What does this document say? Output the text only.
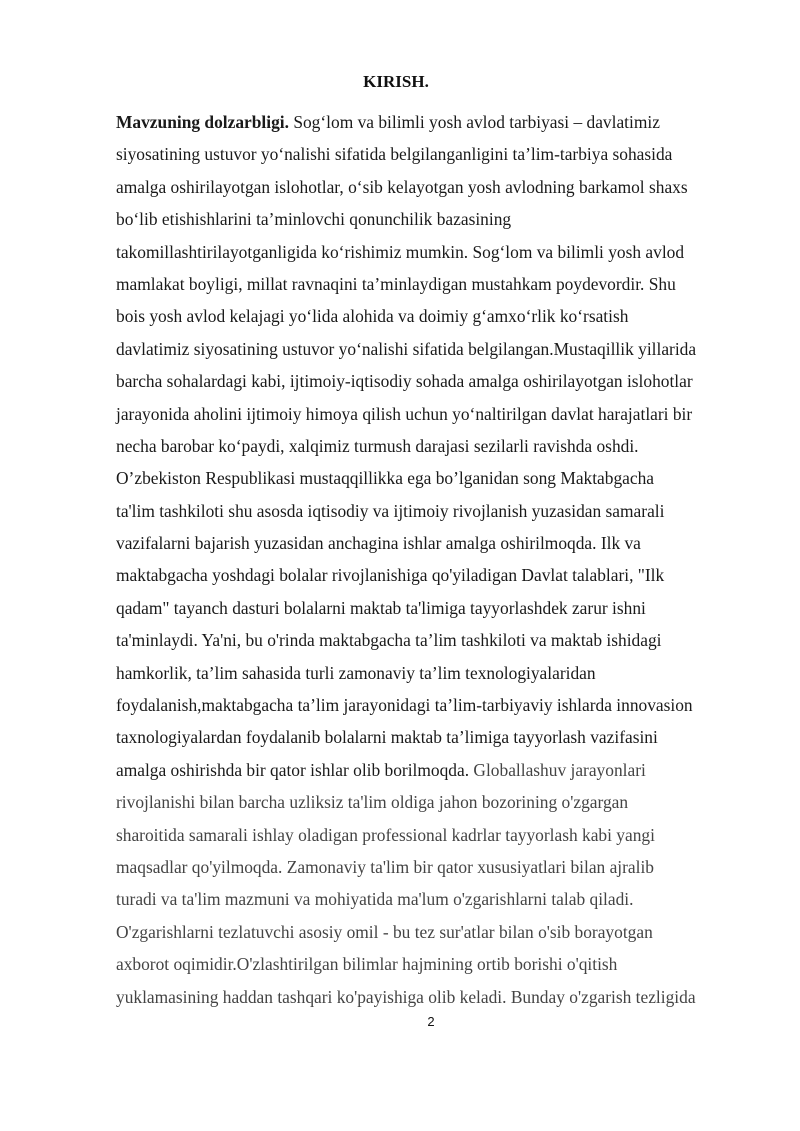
KIRISH.
Mavzuning dolzarbligi. Sog‘lom va bilimli yosh avlod tarbiyasi – davlatimiz
siyosatining ustuvor yo‘nalishi sifatida belgilanganligini ta’lim-tarbiya sohasida
amalga oshirilayotgan islohotlar, o‘sib kelayotgan yosh avlodning barkamol shaxs
bo‘lib etishishlarini ta’minlovchi qonunchilik bazasining
takomillashtirilayotganligida ko‘rishimiz mumkin. Sog‘lom va bilimli yosh avlod
mamlakat boyligi, millat ravnaqini ta’minlaydigan mustahkam poydevordir. Shu
bois yosh avlod kelajagi yo‘lida alohida va doimiy g‘amxo‘rlik ko‘rsatish
davlatimiz siyosatining ustuvor yo‘nalishi sifatida belgilangan.Mustaqillik yillarida
barcha sohalardagi kabi, ijtimoiy-iqtisodiy sohada amalga oshirilayotgan islohotlar
jarayonida aholini ijtimoiy himoya qilish uchun yo‘naltirilgan davlat harajatlari bir
necha barobar ko‘paydi, xalqimiz turmush darajasi sezilarli ravishda oshdi.
O’zbekiston Respublikasi mustaqqillikka ega bo’lganidan song Maktabgacha
ta'lim tashkiloti shu asosda iqtisodiy va ijtimoiy rivojlanish yuzasidan samarali
vazifalarni bajarish yuzasidan anchagina ishlar amalga oshirilmoqda. Ilk va
maktabgacha yoshdagi bolalar rivojlanishiga qo'yiladigan Davlat talablari, "Ilk
qadam" tayanch dasturi bolalarni maktab ta'limiga tayyorlashdek zarur ishni
ta'minlaydi. Ya'ni, bu o'rinda maktabgacha ta’lim tashkiloti va maktab ishidagi
hamkorlik, ta’lim sahasida turli zamonaviy ta’lim texnologiyalaridan
foydalanish,maktabgacha ta’lim jarayonidagi ta’lim-tarbiyaviy ishlarda innovasion
taxnologiyalardan foydalanib bolalarni maktab ta’limiga tayyorlash vazifasini
amalga oshirishda bir qator ishlar olib borilmoqda. Globallashuv jarayonlari
rivojlanishi bilan barcha uzliksiz ta'lim oldiga jahon bozorining o'zgargan
sharoitida samarali ishlay oladigan professional kadrlar tayyorlash kabi yangi
maqsadlar qo'yilmoqda. Zamonaviy ta'lim bir qator xususiyatlari bilan ajralib
turadi va ta'lim mazmuni va mohiyatida ma'lum o'zgarishlarni talab qiladi.
O'zgarishlarni tezlatuvchi asosiy omil - bu tez sur'atlar bilan o'sib borayotgan
axborot oqimidir.O'zlashtirilgan bilimlar hajmining ortib borishi o'qitish
yuklamasining haddan tashqari ko'payishiga olib keladi. Bunday o'zgarish tezligida
2
